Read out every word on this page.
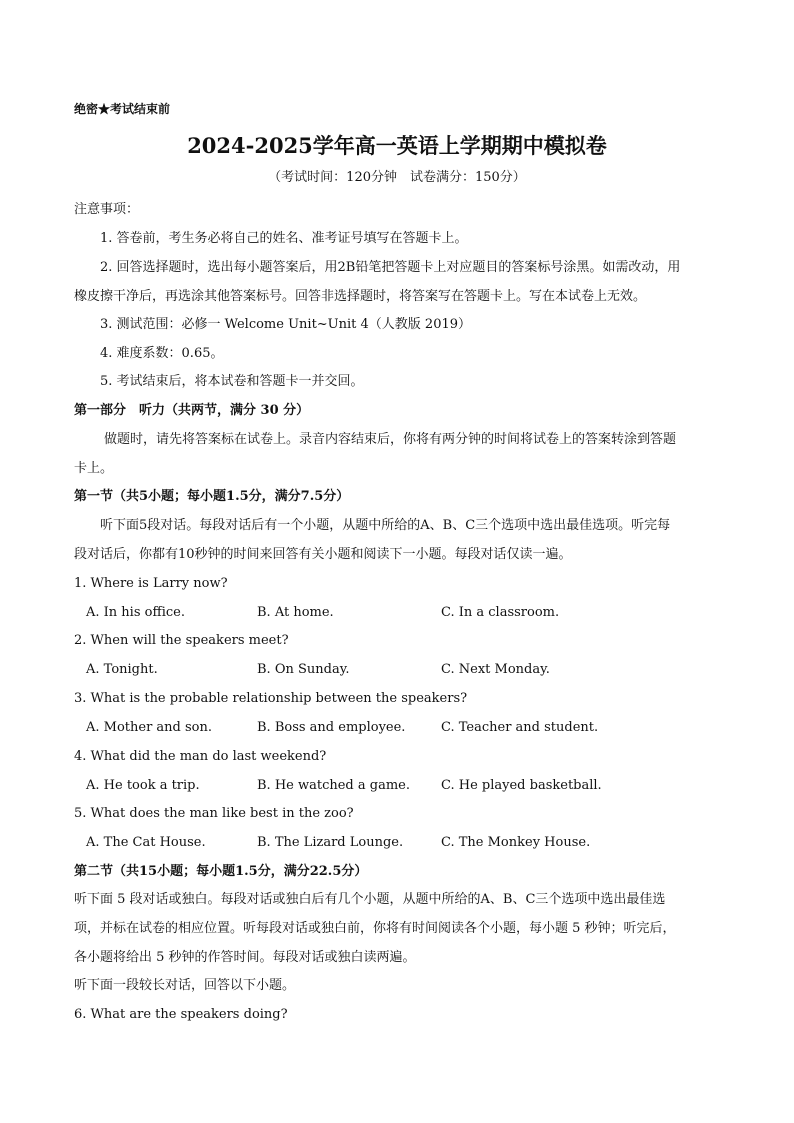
绝密★考试结束前
2024-2025学年高一英语上学期期中模拟卷
（考试时间：120分钟　试卷满分：150分）
注意事项：
1. 答卷前，考生务必将自己的姓名、准考证号填写在答题卡上。
2. 回答选择题时，选出每小题答案后，用2B铅笔把答题卡上对应题目的答案标号涂黑。如需改动，用
橡皮擦干净后，再选涂其他答案标号。回答非选择题时，将答案写在答题卡上。写在本试卷上无效。
3. 测试范围：必修一 Welcome Unit~Unit 4（人教版 2019）
4. 难度系数：0.65。
5. 考试结束后，将本试卷和答题卡一并交回。
第一部分　听力（共两节，满分 30 分）
做题时，请先将答案标在试卷上。录音内容结束后，你将有两分钟的时间将试卷上的答案转涂到答题
卡上。
第一节（共5小题；每小题1.5分，满分7.5分）
听下面5段对话。每段对话后有一个小题，从题中所给的A、B、C三个选项中选出最佳选项。听完每
段对话后，你都有10秒钟的时间来回答有关小题和阅读下一小题。每段对话仅读一遍。
1. Where is Larry now?
A. In his office.	B. At home.	C. In a classroom.
2. When will the speakers meet?
A. Tonight.	B. On Sunday.	C. Next Monday.
3. What is the probable relationship between the speakers?
A. Mother and son.	B. Boss and employee.	C. Teacher and student.
4. What did the man do last weekend?
A. He took a trip.	B. He watched a game. C. He played basketball.
5. What does the man like best in the zoo?
A. The Cat House.	B. The Lizard Lounge.	C. The Monkey House.
第二节（共15小题；每小题1.5分，满分22.5分）
听下面 5 段对话或独白。每段对话或独白后有几个小题，从题中所给的A、B、C三个选项中选出最佳选
项，并标在试卷的相应位置。听每段对话或独白前，你将有时间阅读各个小题，每小题 5 秒钟；听完后，
各小题将给出 5 秒钟的作答时间。每段对话或独白读两遍。
听下面一段较长对话，回答以下小题。
6. What are the speakers doing?
